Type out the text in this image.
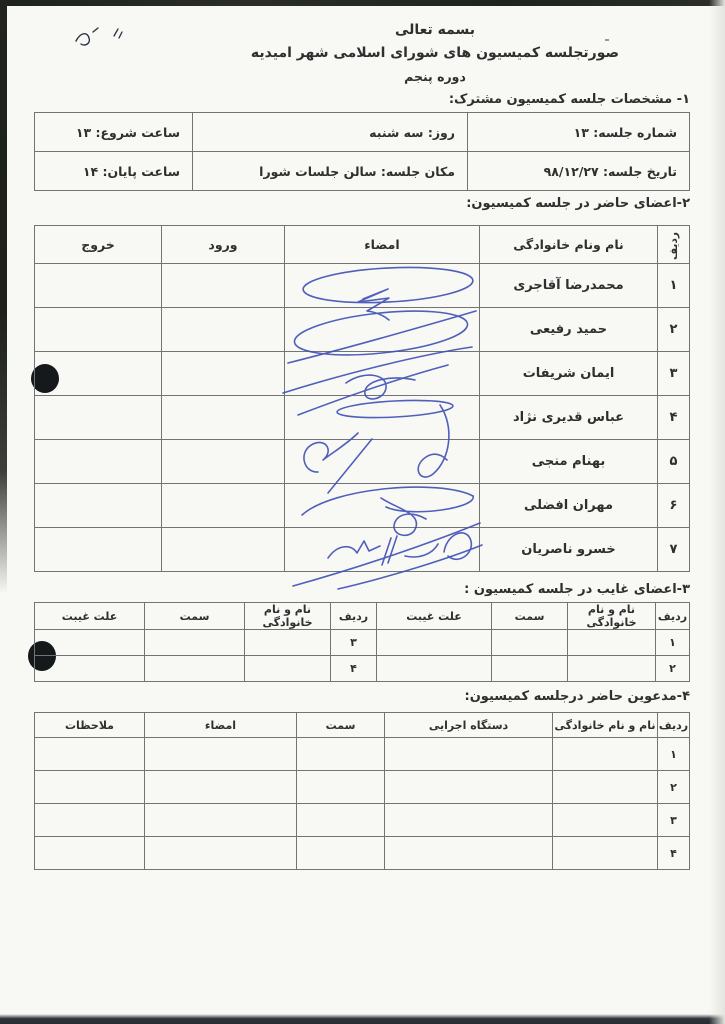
بسمه تعالی
صورتجلسه کمیسیون های شورای اسلامی شهر امیدیه
دوره پنجم
۱- مشخصات جلسه کمیسیون مشترک:
شماره جلسه: ۱۳	روز: سه شنبه	ساعت شروع: ۱۳
تاریخ جلسه: ۹۸/۱۲/۲۷	مکان جلسه: سالن جلسات شورا	ساعت پایان: ۱۴
۲-اعضای حاضر در جلسه کمیسیون:
ردیف	نام ونام خانوادگی	امضاء	ورود	خروج
۱	محمدرضا آقاجری			
۲	حمید رفیعی			
۳	ایمان شریفات			
۴	عباس قدیری نژاد			
۵	بهنام منجی			
۶	مهران افضلی			
۷	خسرو ناصریان			
۳-اعضای غایب در جلسه کمیسیون :
ردیف	نام و نام خانوادگی	سمت	علت غیبت	ردیف	نام و نام خانوادگی	سمت	علت غیبت
۱				۳			
۲				۴			
۴-مدعوین حاضر درجلسه کمیسیون:
ردیف	نام و نام خانوادگی	دستگاه اجرایی	سمت	امضاء	ملاحظات
۱					
۲					
۳					
۴					
